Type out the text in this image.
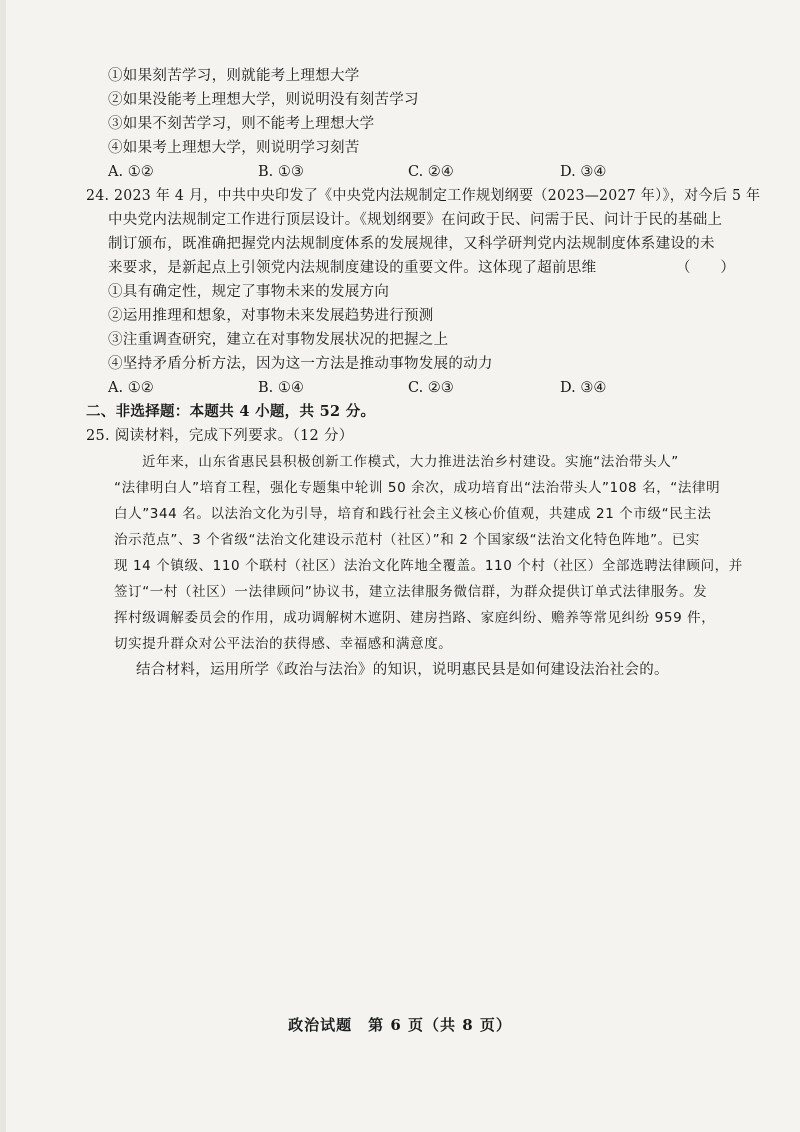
①如果刻苦学习，则就能考上理想大学
②如果没能考上理想大学，则说明没有刻苦学习
③如果不刻苦学习，则不能考上理想大学
④如果考上理想大学，则说明学习刻苦
A. ①②	B. ①③	C. ②④	D. ③④
24. 2023 年 4 月，中共中央印发了《中央党内法规制定工作规划纲要（2023—2027 年）》，对今后 5 年
中央党内法规制定工作进行顶层设计。《规划纲要》在问政于民、问需于民、问计于民的基础上
制订颁布，既准确把握党内法规制度体系的发展规律，又科学研判党内法规制度体系建设的未
来要求，是新起点上引领党内法规制度建设的重要文件。这体现了超前思维	（　　）
①具有确定性，规定了事物未来的发展方向
②运用推理和想象，对事物未来发展趋势进行预测
③注重调查研究，建立在对事物发展状况的把握之上
④坚持矛盾分析方法，因为这一方法是推动事物发展的动力
A. ①②	B. ①④	C. ②③	D. ③④
二、非选择题：本题共 4 小题，共 52 分。
25. 阅读材料，完成下列要求。（12 分）
近年来，山东省惠民县积极创新工作模式，大力推进法治乡村建设。实施“法治带头人”
“法律明白人”培育工程，强化专题集中轮训 50 余次，成功培育出“法治带头人”108 名，“法律明
白人”344 名。以法治文化为引导，培育和践行社会主义核心价值观，共建成 21 个市级“民主法
治示范点”、3 个省级“法治文化建设示范村（社区）”和 2 个国家级“法治文化特色阵地”。已实
现 14 个镇级、110 个联村（社区）法治文化阵地全覆盖。110 个村（社区）全部选聘法律顾问，并
签订“一村（社区）一法律顾问”协议书，建立法律服务微信群，为群众提供订单式法律服务。发
挥村级调解委员会的作用，成功调解树木遮阴、建房挡路、家庭纠纷、赡养等常见纠纷 959 件，
切实提升群众对公平法治的获得感、幸福感和满意度。
结合材料，运用所学《政治与法治》的知识，说明惠民县是如何建设法治社会的。
政治试题　第 6 页（共 8 页）
